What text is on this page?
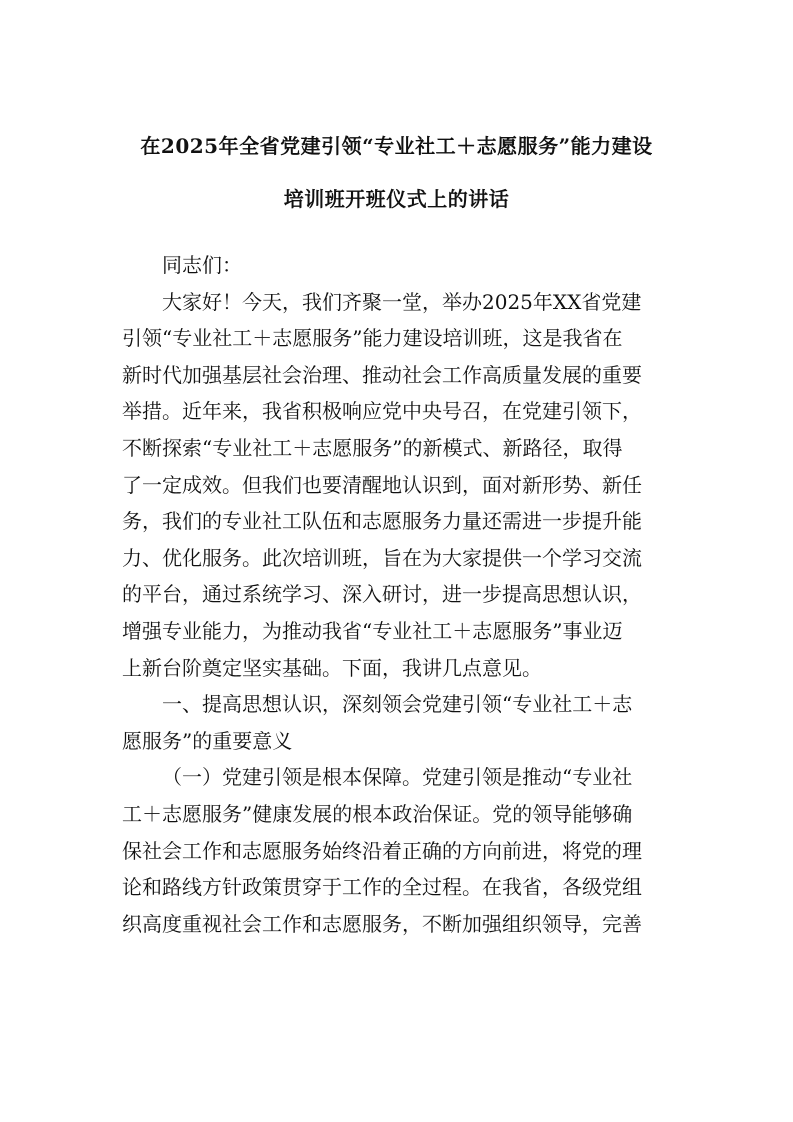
在2025年全省党建引领“专业社工＋志愿服务”能力建设
培训班开班仪式上的讲话
同志们：
大家好！今天，我们齐聚一堂，举办2025年XX省党建
引领“专业社工＋志愿服务”能力建设培训班，这是我省在
新时代加强基层社会治理、推动社会工作高质量发展的重要
举措。近年来，我省积极响应党中央号召，在党建引领下，
不断探索“专业社工＋志愿服务”的新模式、新路径，取得
了一定成效。但我们也要清醒地认识到，面对新形势、新任
务，我们的专业社工队伍和志愿服务力量还需进一步提升能
力、优化服务。此次培训班，旨在为大家提供一个学习交流
的平台，通过系统学习、深入研讨，进一步提高思想认识，
增强专业能力，为推动我省“专业社工＋志愿服务”事业迈
上新台阶奠定坚实基础。下面，我讲几点意见。
一、提高思想认识，深刻领会党建引领“专业社工＋志
愿服务”的重要意义
（一）党建引领是根本保障。党建引领是推动“专业社
工＋志愿服务”健康发展的根本政治保证。党的领导能够确
保社会工作和志愿服务始终沿着正确的方向前进，将党的理
论和路线方针政策贯穿于工作的全过程。在我省，各级党组
织高度重视社会工作和志愿服务，不断加强组织领导，完善
